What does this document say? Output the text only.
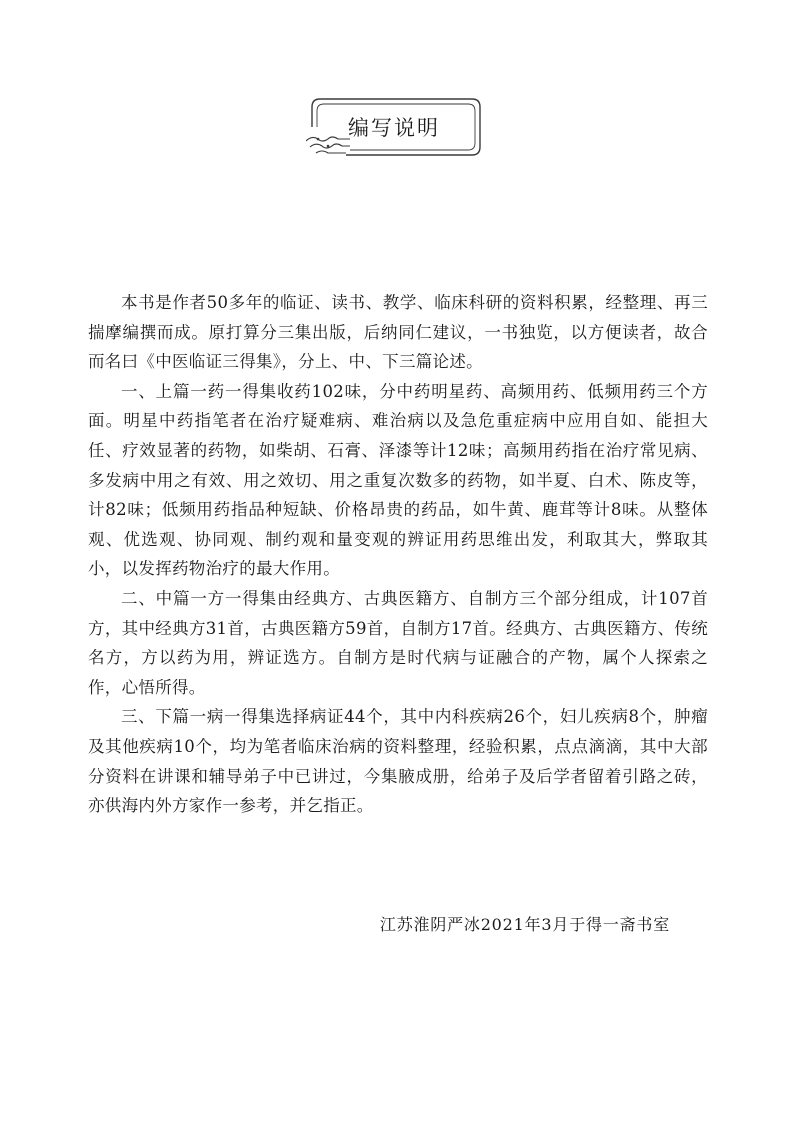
编写说明

本书是作者50多年的临证、读书、教学、临床科研的资料积累，经整理、再三揣摩编撰而成。原打算分三集出版，后纳同仁建议，一书独览，以方便读者，故合而名曰《中医临证三得集》，分上、中、下三篇论述。

一、上篇一药一得集收药102味，分中药明星药、高频用药、低频用药三个方面。明星中药指笔者在治疗疑难病、难治病以及急危重症病中应用自如、能担大任、疗效显著的药物，如柴胡、石膏、泽漆等计12味；高频用药指在治疗常见病、多发病中用之有效、用之效切、用之重复次数多的药物，如半夏、白术、陈皮等，计82味；低频用药指品种短缺、价格昂贵的药品，如牛黄、鹿茸等计8味。从整体观、优选观、协同观、制约观和量变观的辨证用药思维出发，利取其大，弊取其小，以发挥药物治疗的最大作用。

二、中篇一方一得集由经典方、古典医籍方、自制方三个部分组成，计107首方，其中经典方31首，古典医籍方59首，自制方17首。经典方、古典医籍方、传统名方，方以药为用，辨证选方。自制方是时代病与证融合的产物，属个人探索之作，心悟所得。

三、下篇一病一得集选择病证44个，其中内科疾病26个，妇儿疾病8个，肿瘤及其他疾病10个，均为笔者临床治病的资料整理，经验积累，点点滴滴，其中大部分资料在讲课和辅导弟子中已讲过，今集腋成册，给弟子及后学者留着引路之砖，亦供海内外方家作一参考，并乞指正。

江苏淮阴严冰2021年3月于得一斋书室
